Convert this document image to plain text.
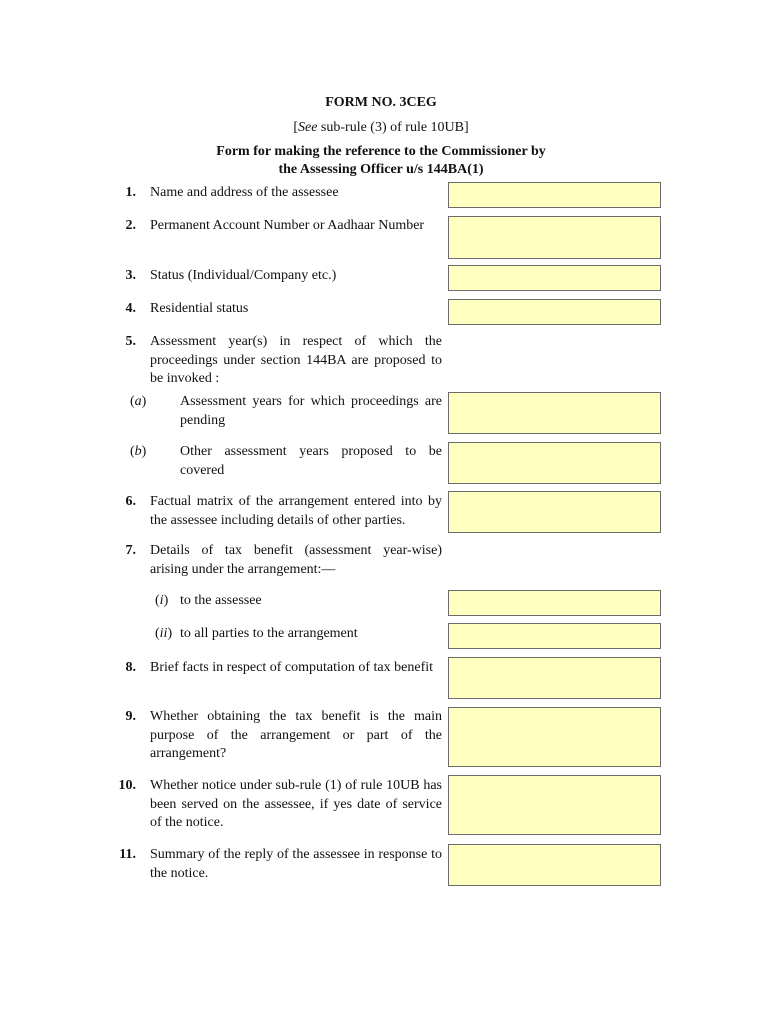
FORM NO. 3CEG
[See sub-rule (3) of rule 10UB]
Form for making the reference to the Commissioner by
the Assessing Officer u/s 144BA(1)
1. Name and address of the assessee
2. Permanent Account Number or Aadhaar Number
3. Status (Individual/Company etc.)
4. Residential status
5. Assessment year(s) in respect of which the proceedings under section 144BA are proposed to be invoked :
(a) Assessment years for which proceedings are pending
(b) Other assessment years proposed to be covered
6. Factual matrix of the arrangement entered into by the assessee including details of other parties.
7. Details of tax benefit (assessment year-wise) arising under the arrangement:—
(i) to the assessee
(ii) to all parties to the arrangement
8. Brief facts in respect of computation of tax benefit
9. Whether obtaining the tax benefit is the main purpose of the arrangement or part of the arrangement?
10. Whether notice under sub-rule (1) of rule 10UB has been served on the assessee, if yes date of service of the notice.
11. Summary of the reply of the assessee in response to the notice.
